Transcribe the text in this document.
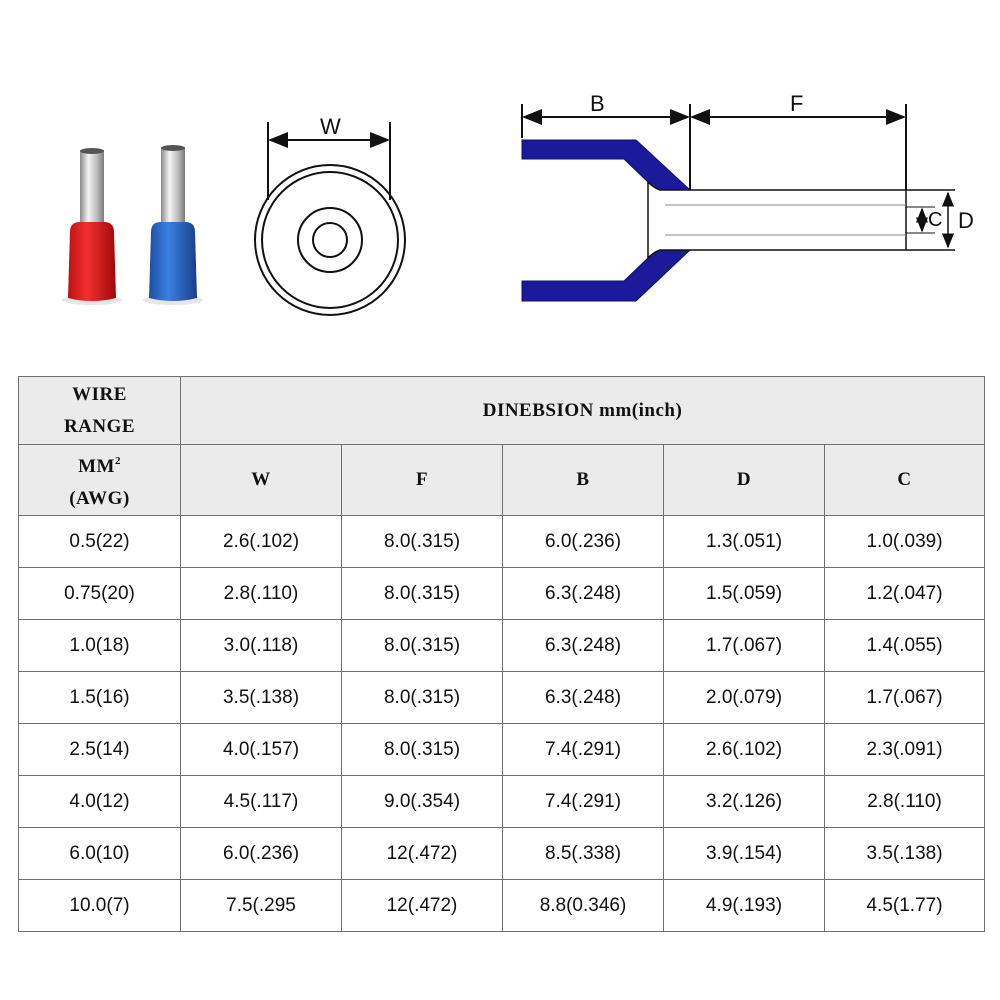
W
B	F
C D
WIRE
RANGE	DINEBSION mm(inch)				

$MM^2$
(AWG)	W	F	B	D	C
0.5(22)	2.6(.102)	8.0(.315)	6.0(.236)	1.3(.051)	1.0(.039)
0.75(20)	2.8(.110)	8.0(.315)	6.3(.248)	1.5(.059)	1.2(.047)
1.0(18)	3.0(.118)	8.0(.315)	6.3(.248)	1.7(.067)	1.4(.055)
1.5(16)	3.5(.138)	8.0(.315)	6.3(.248)	2.0(.079)	1.7(.067)
2.5(14)	4.0(.157)	8.0(.315)	7.4(.291)	2.6(.102)	2.3(.091)
4.0(12)	4.5(.117)	9.0(.354)	7.4(.291)	3.2(.126)	2.8(.110)
6.0(10)	6.0(.236)	12(.472)	8.5(.338)	3.9(.154)	3.5(.138)
10.0(7)	7.5(.295	12(.472)	8.8(0.346)	4.9(.193)	4.5(1.77)
